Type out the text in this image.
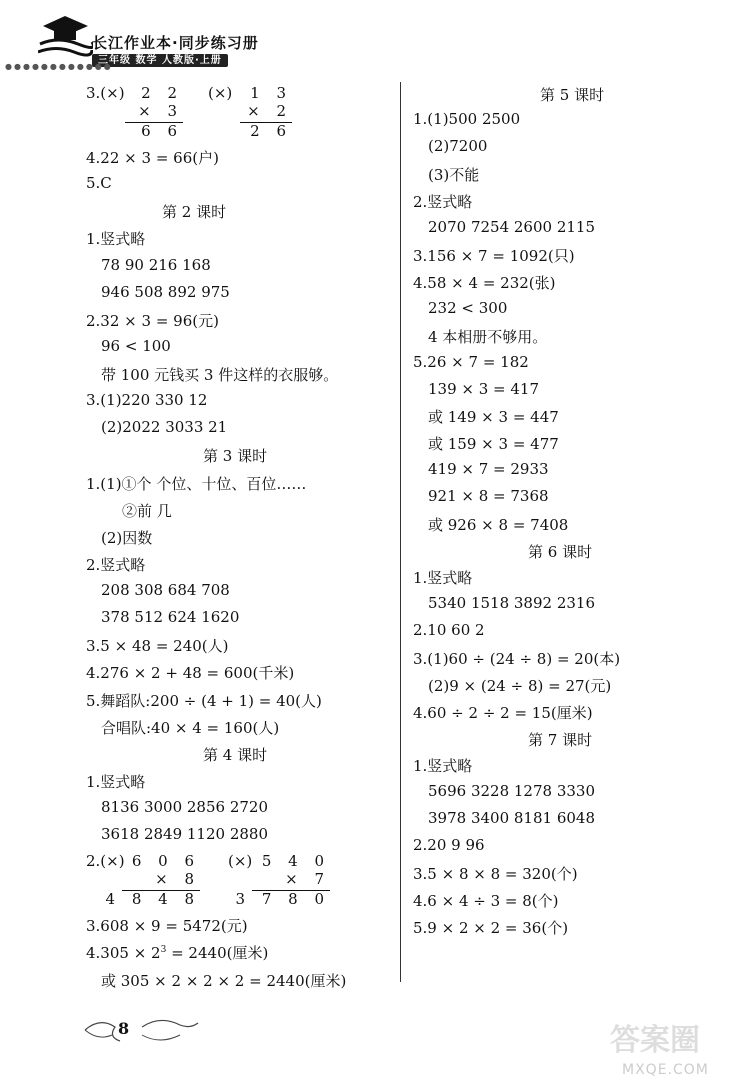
长江作业本·同步练习册
三年级 数学 人教版·上册
●●●●●●●●●●●●
3.(×) 2 2
× 3
6 6
(×) 1 3
× 2
2 6
4.22 × 3 = 66(户)
5.C
第 2 课时
1.竖式略
78 90 216 168
946 508 892 975
2.32 × 3 = 96(元)
96 < 100
带 100 元钱买 3 件这样的衣服够。
3.(1)220 330 12
(2)2022 3033 21
第 3 课时
1.(1)①个 个位、十位、百位……
②前 几
(2)因数
2.竖式略
208 308 684 708
378 512 624 1620
3.5 × 48 = 240(人)
4.276 × 2 + 48 = 600(千米)
5.舞蹈队:200 ÷ (4 + 1) = 40(人)
合唱队:40 × 4 = 160(人)
第 4 课时
1.竖式略
8136 3000 2856 2720
3618 2849 1120 2880
2.(×) 6 0 6
× 8
4 8 4 8
(×) 5 4 0
× 7
3 7 8 0
3.608 × 9 = 5472(元)
$4.305 \times 2^3 = 2440$(厘米)
或 305 × 2 × 2 × 2 = 2440(厘米)
第 5 课时
1.(1)500 2500
(2)7200
(3)不能
2.竖式略
2070 7254 2600 2115
3.156 × 7 = 1092(只)
4.58 × 4 = 232(张)
232 < 300
4 本相册不够用。
5.26 × 7 = 182
139 × 3 = 417
或 149 × 3 = 447
或 159 × 3 = 477
419 × 7 = 2933
921 × 8 = 7368
或 926 × 8 = 7408
第 6 课时
1.竖式略
5340 1518 3892 2316
2.10 60 2
3.(1)60 ÷ (24 ÷ 8) = 20(本)
(2)9 × (24 ÷ 8) = 27(元)
4.60 ÷ 2 ÷ 2 = 15(厘米)
第 7 课时
1.竖式略
5696 3228 1278 3330
3978 3400 8181 6048
2.20 9 96
3.5 × 8 × 8 = 320(个)
4.6 × 4 ÷ 3 = 8(个)
5.9 × 2 × 2 = 36(个)
8	答案圈
MXQE.COM
